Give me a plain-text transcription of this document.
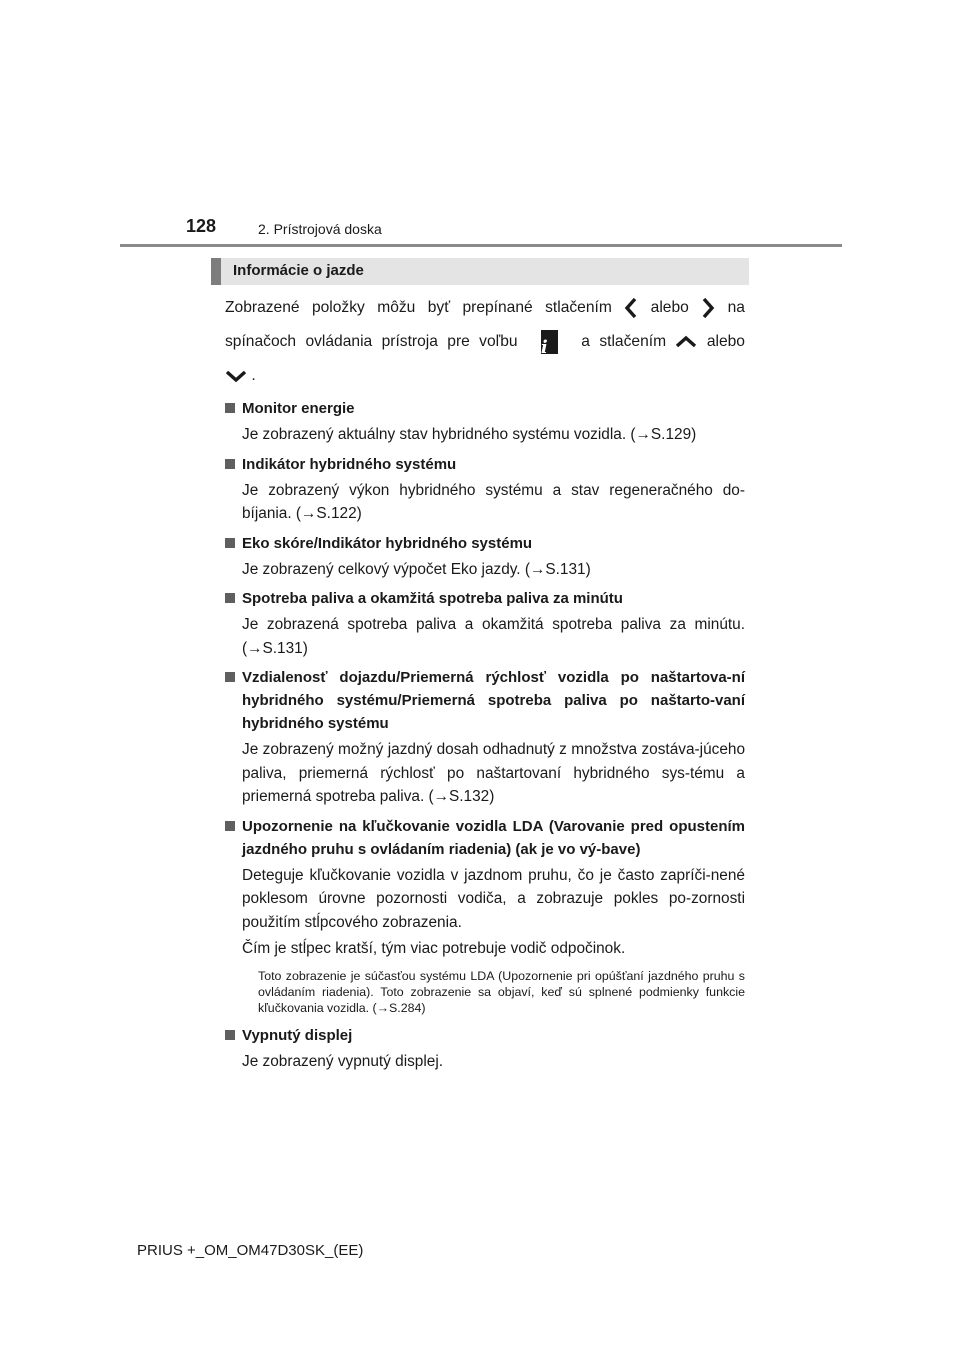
128	2. Prístrojová doska
Informácie o jazde
Zobrazené položky môžu byť prepínané stlačením alebo na
spínačoch ovládania prístroja pre voľbu i	a stlačením	alebo
.
Monitor energie
Je zobrazený aktuálny stav hybridného systému vozidla. (→S.129)
Indikátor hybridného systému
Je zobrazený výkon hybridného systému a stav regeneračného do-bíjania. (→S.122)
Eko skóre/Indikátor hybridného systému
Je zobrazený celkový výpočet Eko jazdy. (→S.131)
Spotreba paliva a okamžitá spotreba paliva za minútu
Je zobrazená spotreba paliva a okamžitá spotreba paliva za minútu. (→S.131)
Vzdialenosť dojazdu/Priemerná rýchlosť vozidla po naštartova-ní hybridného systému/Priemerná spotreba paliva po naštarto-vaní hybridného systému
Je zobrazený možný jazdný dosah odhadnutý z množstva zostáva-júceho paliva, priemerná rýchlosť po naštartovaní hybridného sys-tému a priemerná spotreba paliva. (→S.132)
Upozornenie na kľučkovanie vozidla LDA (Varovanie pred opustením jazdného pruhu s ovládaním riadenia) (ak je vo vý-bave)
Deteguje kľučkovanie vozidla v jazdnom pruhu, čo je často zapríči-nené poklesom úrovne pozornosti vodiča, a zobrazuje pokles po-zornosti použitím stĺpcového zobrazenia.
Čím je stĺpec kratší, tým viac potrebuje vodič odpočinok.
Toto zobrazenie je súčasťou systému LDA (Upozornenie pri opúšťaní jazdného pruhu s ovládaním riadenia). Toto zobrazenie sa objaví, keď sú splnené podmienky funkcie kľučkovania vozidla. (→S.284)
Vypnutý displej
Je zobrazený vypnutý displej.
PRIUS +_OM_OM47D30SK_(EE)
